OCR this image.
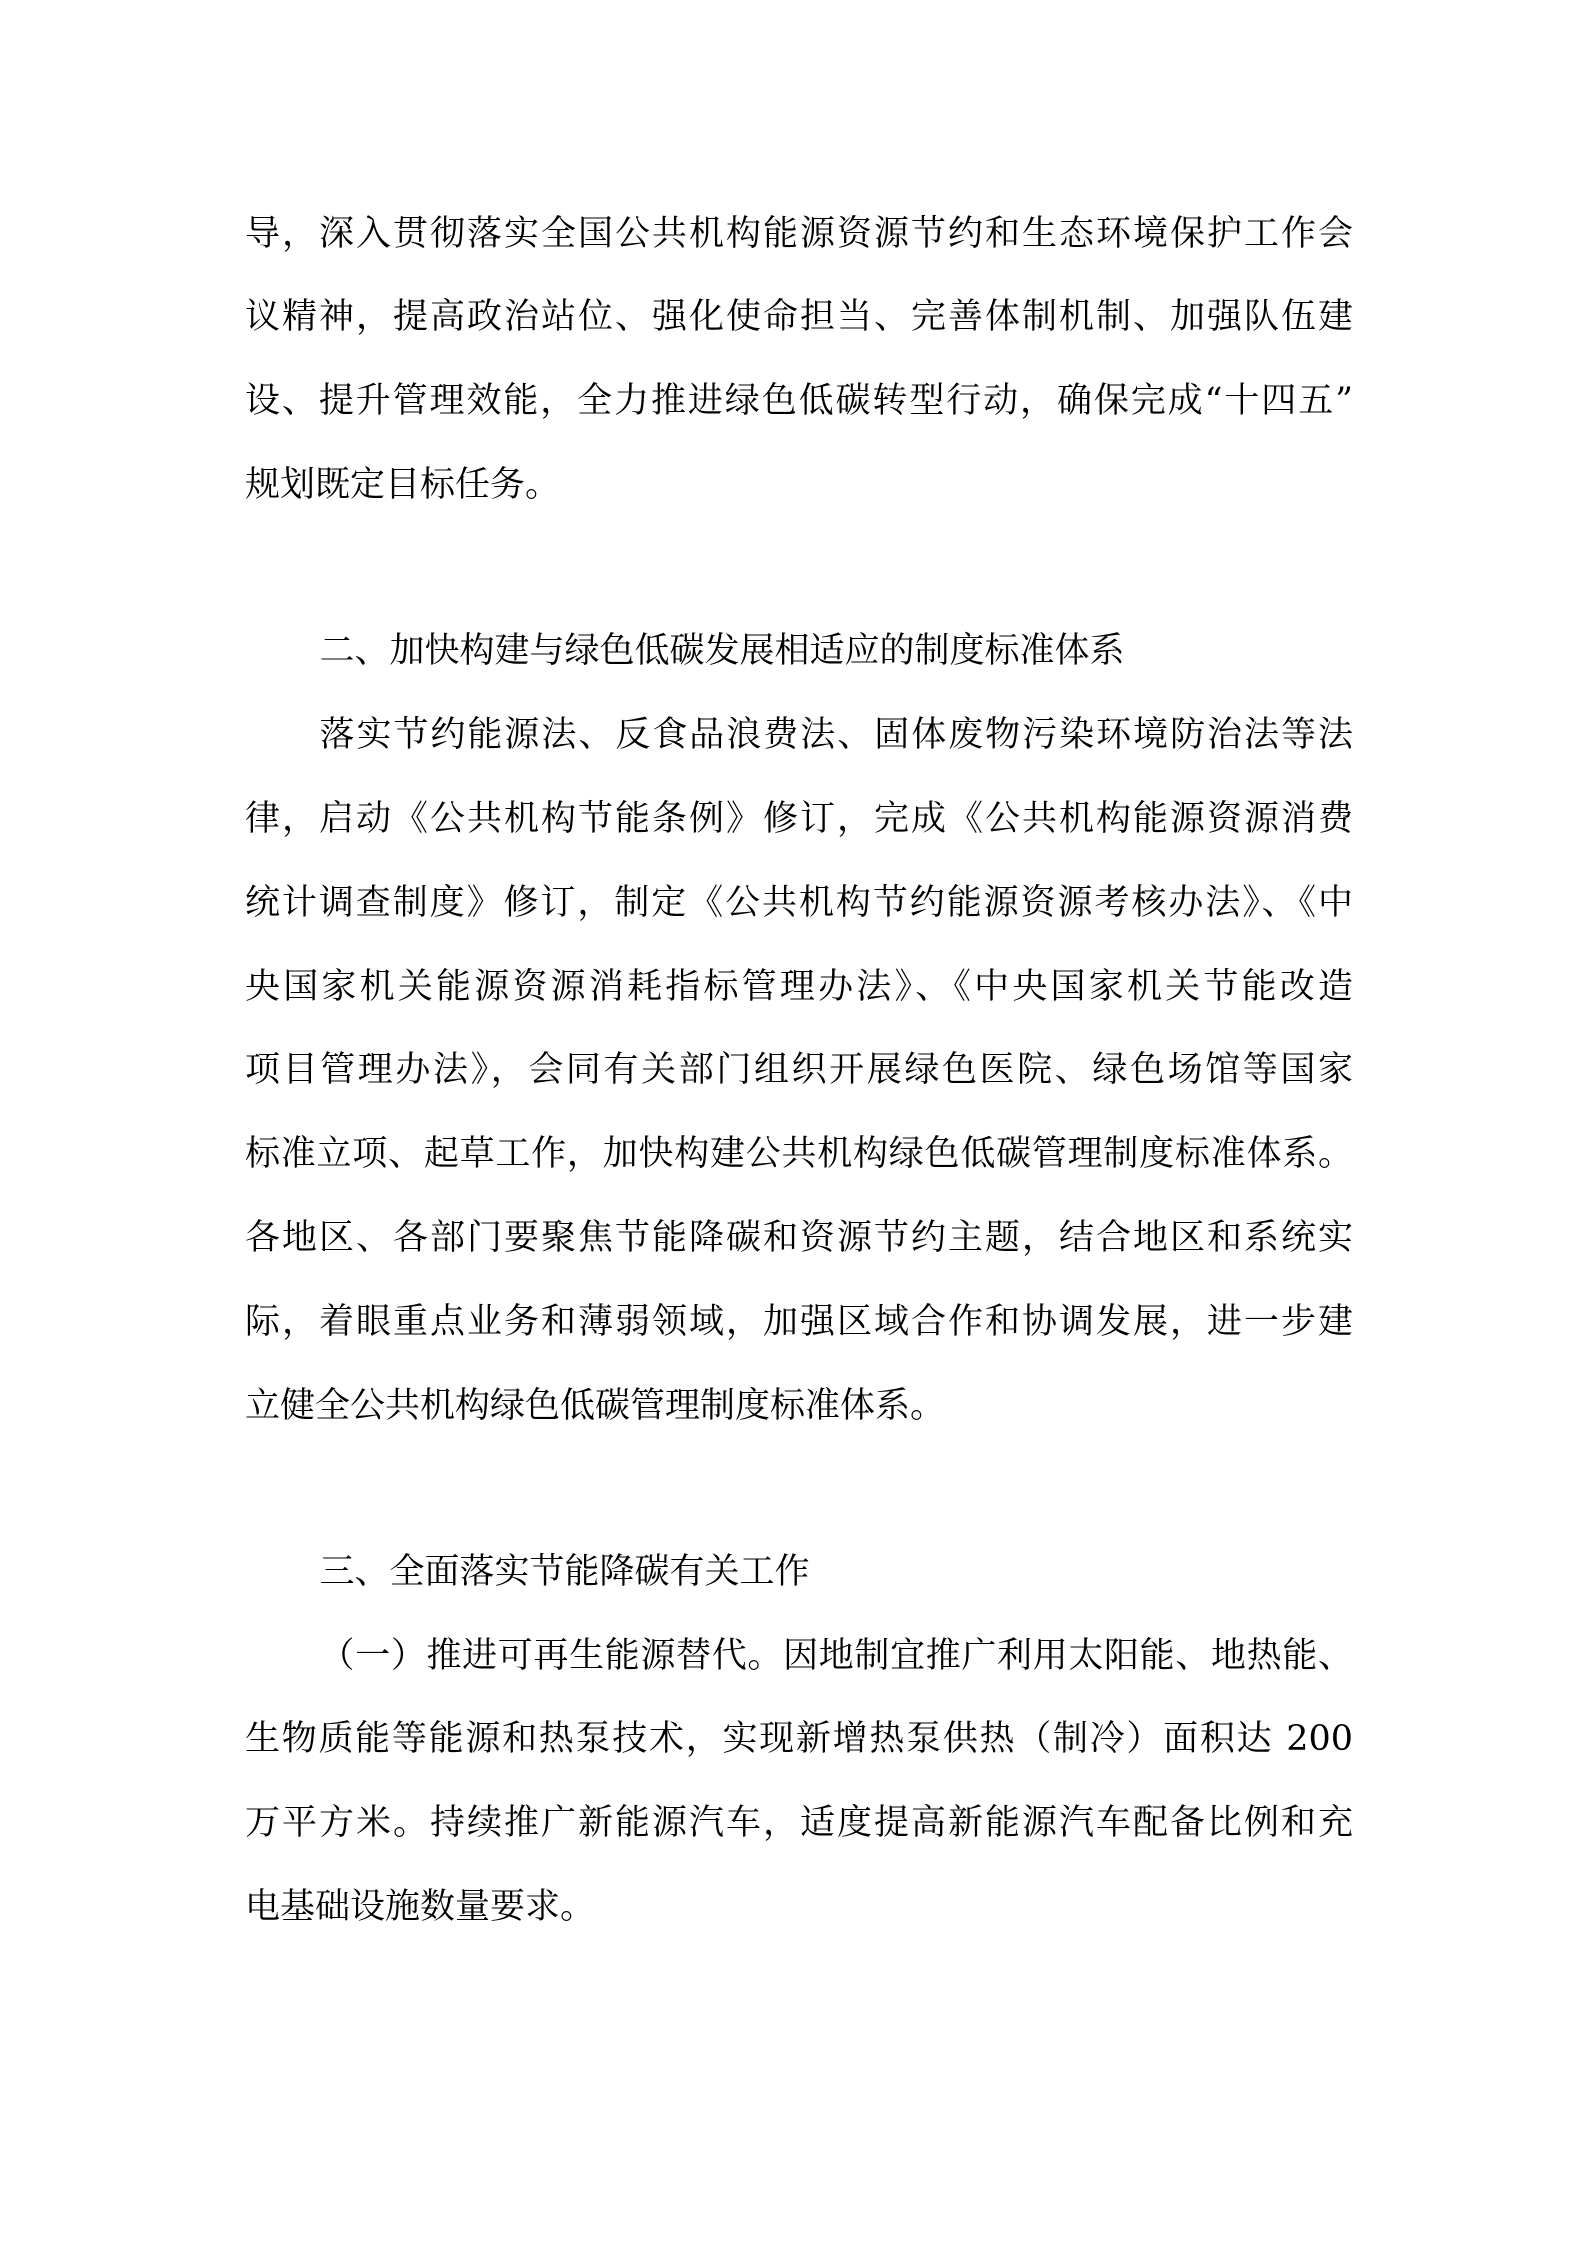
导，深入贯彻落实全国公共机构能源资源节约和生态环境保护工作会
议精神，提高政治站位、强化使命担当、完善体制机制、加强队伍建
设、提升管理效能，全力推进绿色低碳转型行动，确保完成“十四五”
规划既定目标任务。
二、加快构建与绿色低碳发展相适应的制度标准体系
落实节约能源法、反食品浪费法、固体废物污染环境防治法等法
律，启动《公共机构节能条例》修订，完成《公共机构能源资源消费
统计调查制度》修订，制定《公共机构节约能源资源考核办法》、《中
央国家机关能源资源消耗指标管理办法》、《中央国家机关节能改造
项目管理办法》，会同有关部门组织开展绿色医院、绿色场馆等国家
标准立项、起草工作，加快构建公共机构绿色低碳管理制度标准体系。
各地区、各部门要聚焦节能降碳和资源节约主题，结合地区和系统实
际，着眼重点业务和薄弱领域，加强区域合作和协调发展，进一步建
立健全公共机构绿色低碳管理制度标准体系。
三、全面落实节能降碳有关工作
（一）推进可再生能源替代。因地制宜推广利用太阳能、地热能、
生物质能等能源和热泵技术，实现新增热泵供热（制冷）面积达 200
万平方米。持续推广新能源汽车，适度提高新能源汽车配备比例和充
电基础设施数量要求。
